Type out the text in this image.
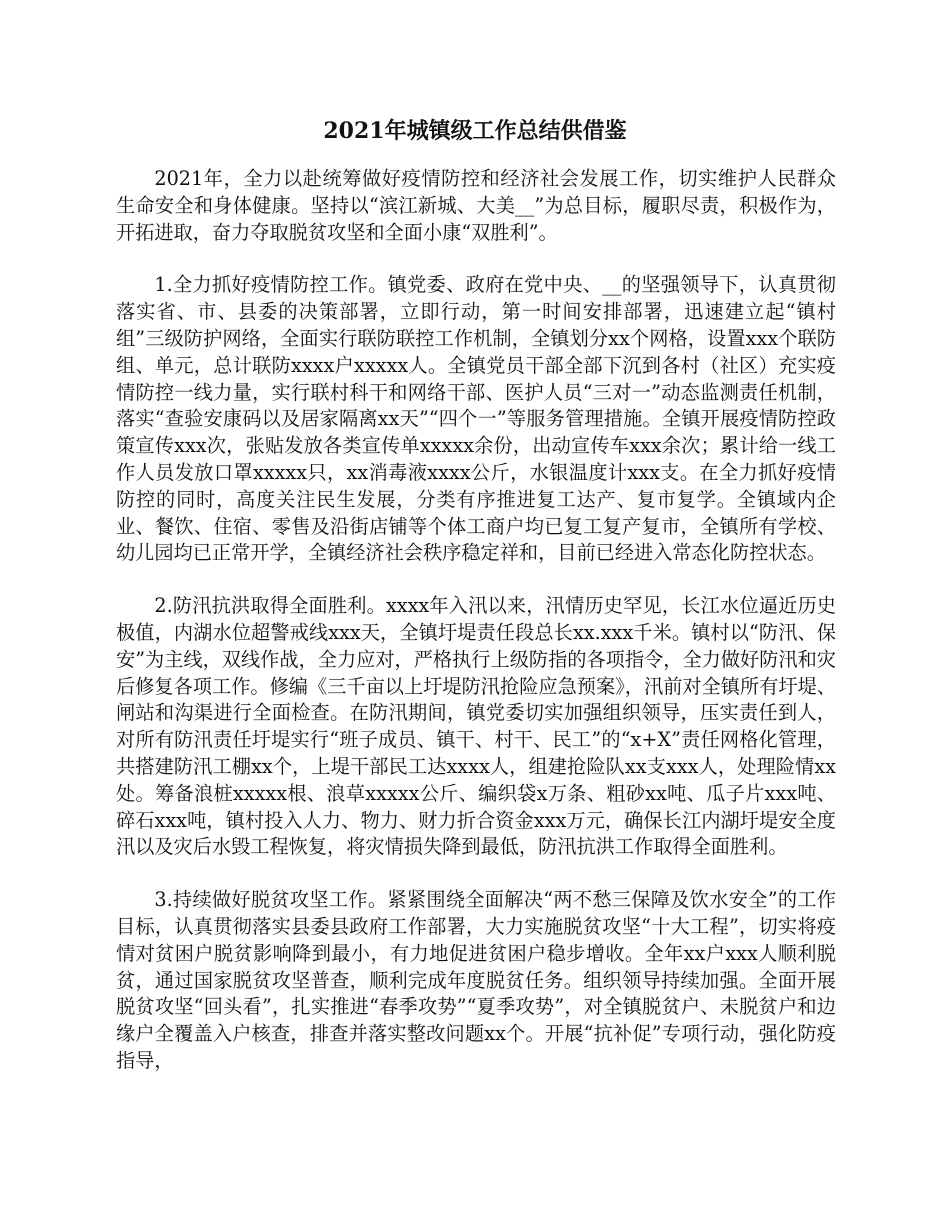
2021年城镇级工作总结供借鉴

2021年，全力以赴统筹做好疫情防控和经济社会发展工作，切实维护人民群众生命安全和身体健康。坚持以“滨江新城、大美__”为总目标，履职尽责，积极作为，开拓进取，奋力夺取脱贫攻坚和全面小康“双胜利”。

1.全力抓好疫情防控工作。镇党委、政府在党中央、__的坚强领导下，认真贯彻落实省、市、县委的决策部署，立即行动，第一时间安排部署，迅速建立起“镇村组”三级防护网络，全面实行联防联控工作机制，全镇划分xx个网格，设置xxx个联防组、单元，总计联防xxxx户xxxxx人。全镇党员干部全部下沉到各村（社区）充实疫情防控一线力量，实行联村科干和网络干部、医护人员“三对一”动态监测责任机制，落实“查验安康码以及居家隔离xx天”“四个一”等服务管理措施。全镇开展疫情防控政策宣传xxx次，张贴发放各类宣传单xxxxx余份，出动宣传车xxx余次；累计给一线工作人员发放口罩xxxxx只，xx消毒液xxxx公斤，水银温度计xxx支。在全力抓好疫情防控的同时，高度关注民生发展，分类有序推进复工达产、复市复学。全镇域内企业、餐饮、住宿、零售及沿街店铺等个体工商户均已复工复产复市，全镇所有学校、幼儿园均已正常开学，全镇经济社会秩序稳定祥和，目前已经进入常态化防控状态。

2.防汛抗洪取得全面胜利。xxxx年入汛以来，汛情历史罕见，长江水位逼近历史极值，内湖水位超警戒线xxx天，全镇圩堤责任段总长xx.xxx千米。镇村以“防汛、保安”为主线，双线作战，全力应对，严格执行上级防指的各项指令，全力做好防汛和灾后修复各项工作。修编《三千亩以上圩堤防汛抢险应急预案》，汛前对全镇所有圩堤、闸站和沟渠进行全面检查。在防汛期间，镇党委切实加强组织领导，压实责任到人，对所有防汛责任圩堤实行“班子成员、镇干、村干、民工”的“x+X”责任网格化管理，共搭建防汛工棚xx个，上堤干部民工达xxxx人，组建抢险队xx支xxx人，处理险情xx处。筹备浪桩xxxxx根、浪草xxxxx公斤、编织袋x万条、粗砂xx吨、瓜子片xxx吨、碎石xxx吨，镇村投入人力、物力、财力折合资金xxx万元，确保长江内湖圩堤安全度汛以及灾后水毁工程恢复，将灾情损失降到最低，防汛抗洪工作取得全面胜利。

3.持续做好脱贫攻坚工作。紧紧围绕全面解决“两不愁三保障及饮水安全”的工作目标，认真贯彻落实县委县政府工作部署，大力实施脱贫攻坚“十大工程”，切实将疫情对贫困户脱贫影响降到最小，有力地促进贫困户稳步增收。全年xx户xxx人顺利脱贫，通过国家脱贫攻坚普查，顺利完成年度脱贫任务。组织领导持续加强。全面开展脱贫攻坚“回头看”，扎实推进“春季攻势”“夏季攻势”，对全镇脱贫户、未脱贫户和边缘户全覆盖入户核查，排查并落实整改问题xx个。开展“抗补促”专项行动，强化防疫指导，
